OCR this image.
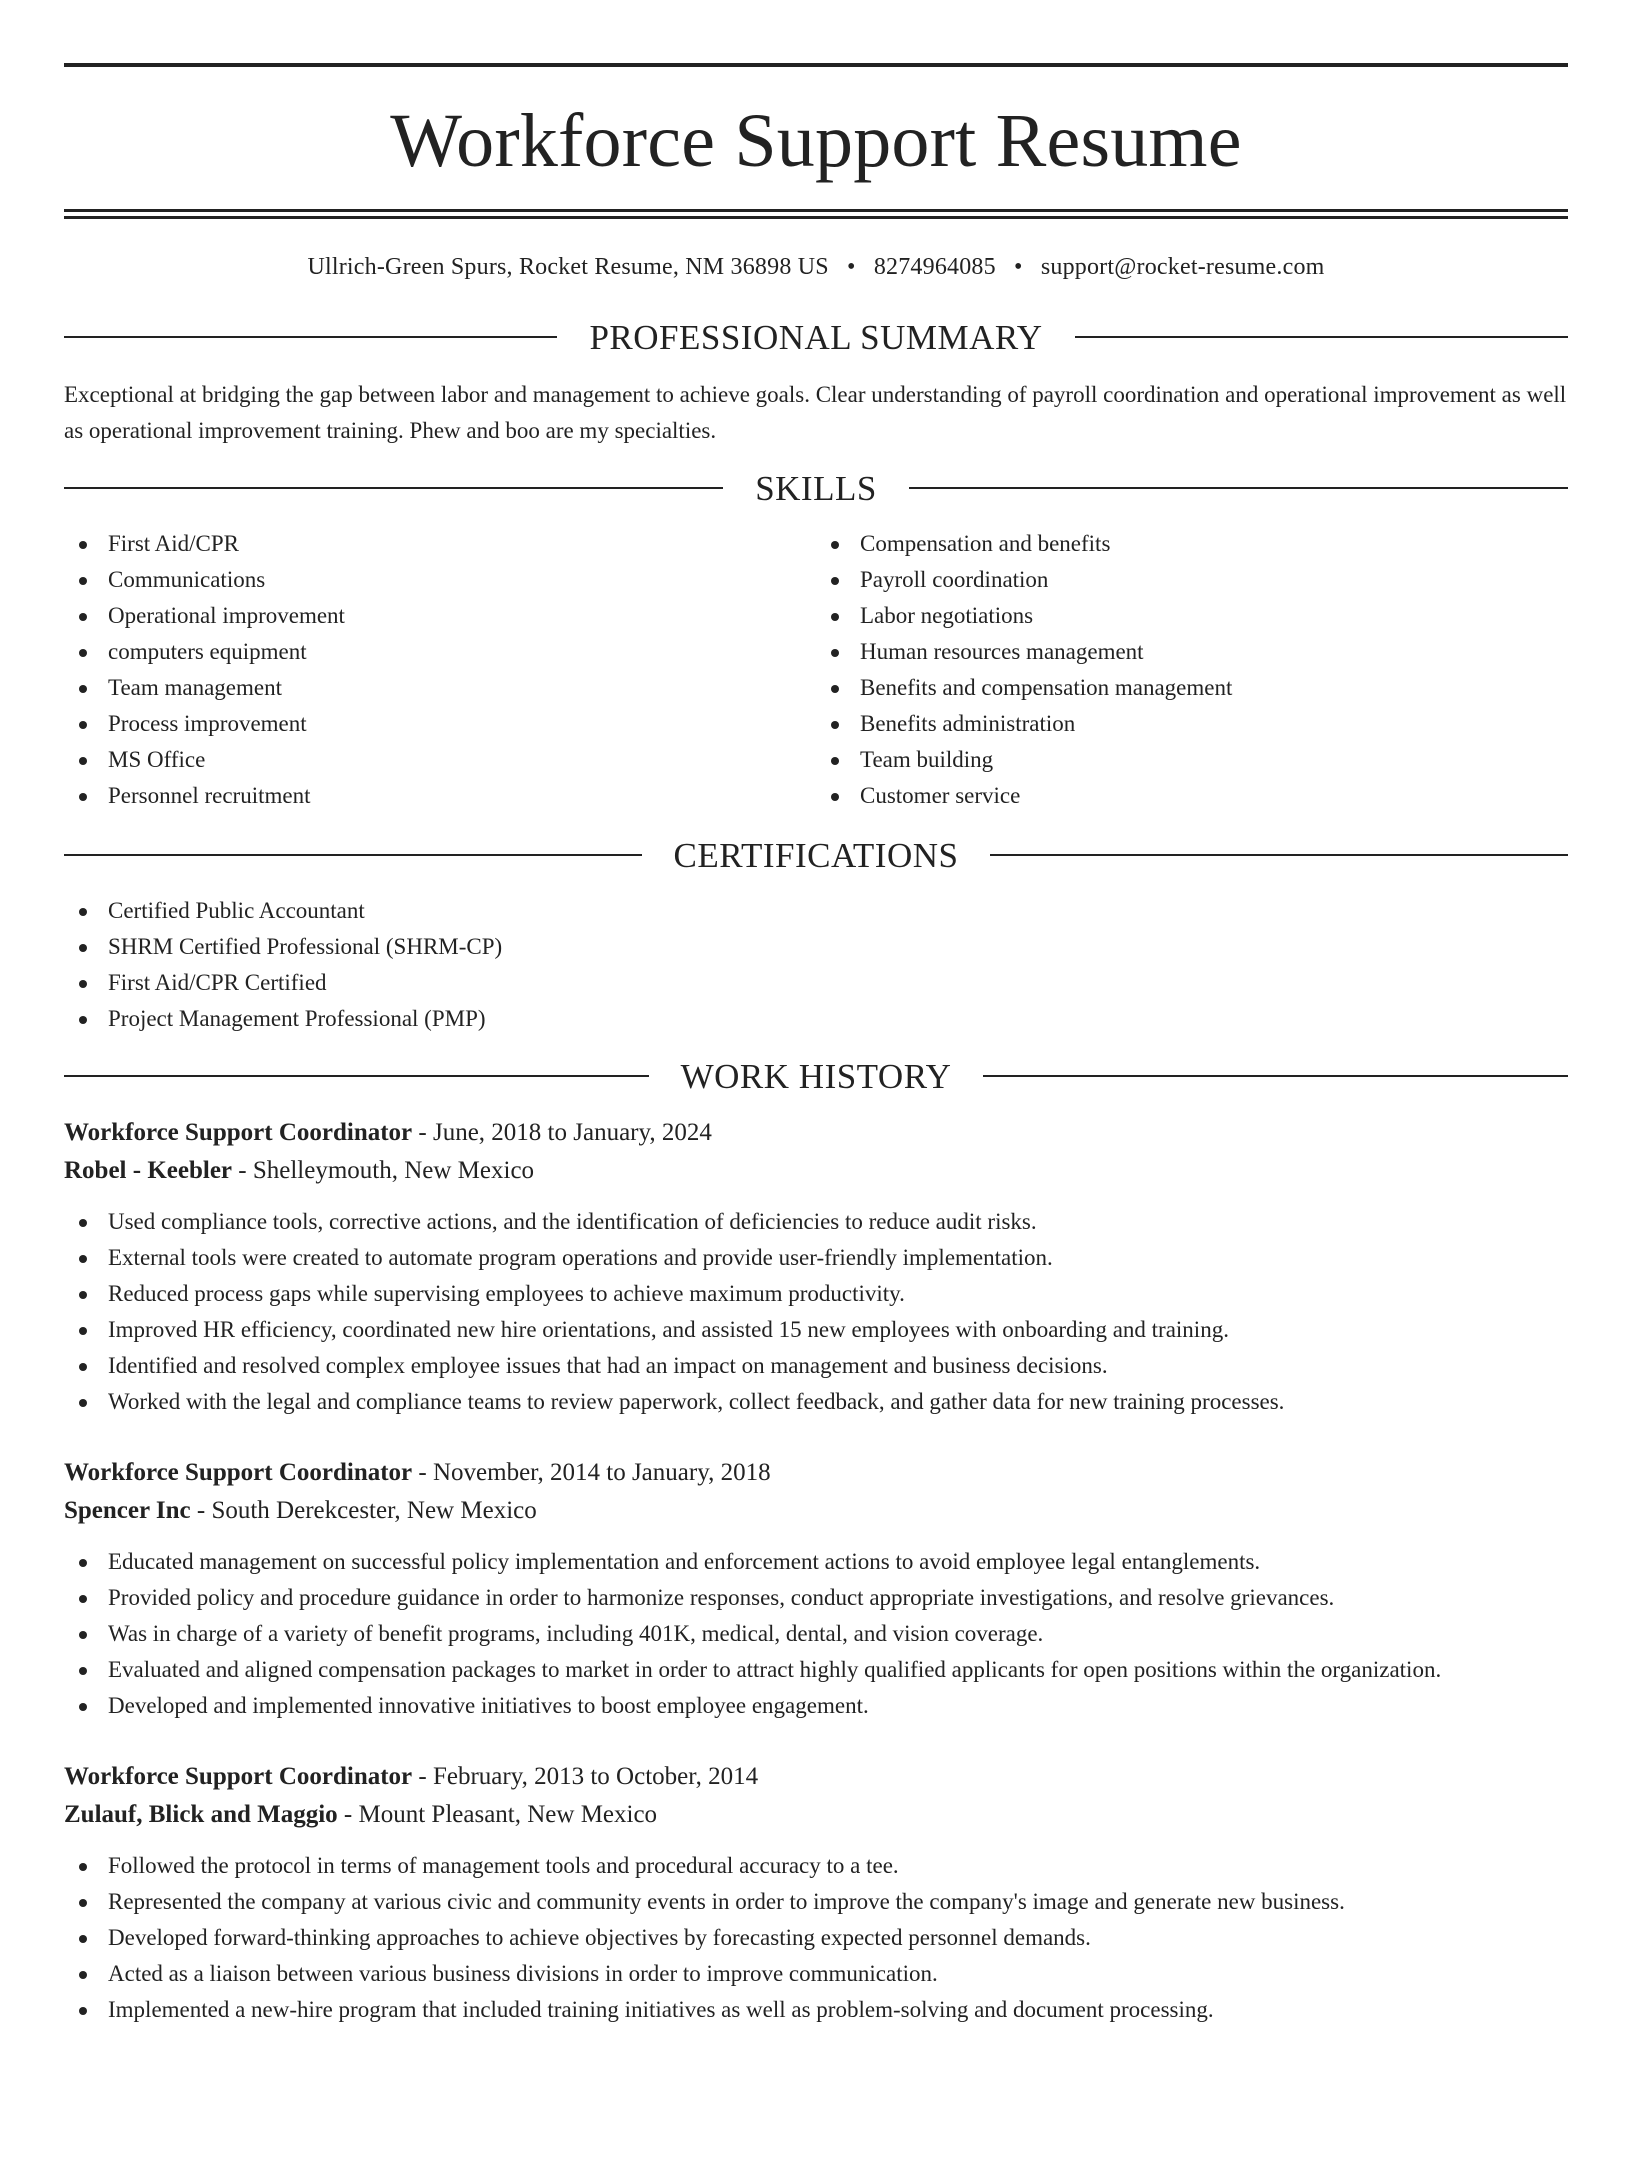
Workforce Support Resume
Ullrich-Green Spurs, Rocket Resume, NM 36898 US • 8274964085 • support@rocket-resume.com
PROFESSIONAL SUMMARY

Exceptional at bridging the gap between labor and management to achieve goals. Clear understanding of payroll coordination and operational improvement as well as operational improvement training. Phew and boo are my specialties.

SKILLS
First Aid/CPR
Communications
Operational improvement
computers equipment
Team management
Process improvement
MS Office
Personnel recruitment
Compensation and benefits
Payroll coordination
Labor negotiations
Human resources management
Benefits and compensation management
Benefits administration
Team building
Customer service
CERTIFICATIONS
Certified Public Accountant
SHRM Certified Professional (SHRM-CP)
First Aid/CPR Certified
Project Management Professional (PMP)
WORK HISTORY
Workforce Support Coordinator - June, 2018 to January, 2024
Robel - Keebler - Shelleymouth, New Mexico
Used compliance tools, corrective actions, and the identification of deficiencies to reduce audit risks.
External tools were created to automate program operations and provide user-friendly implementation.
Reduced process gaps while supervising employees to achieve maximum productivity.
Improved HR efficiency, coordinated new hire orientations, and assisted 15 new employees with onboarding and training.
Identified and resolved complex employee issues that had an impact on management and business decisions.
Worked with the legal and compliance teams to review paperwork, collect feedback, and gather data for new training processes.
Workforce Support Coordinator - November, 2014 to January, 2018
Spencer Inc - South Derekcester, New Mexico
Educated management on successful policy implementation and enforcement actions to avoid employee legal entanglements.
Provided policy and procedure guidance in order to harmonize responses, conduct appropriate investigations, and resolve grievances.
Was in charge of a variety of benefit programs, including 401K, medical, dental, and vision coverage.
Evaluated and aligned compensation packages to market in order to attract highly qualified applicants for open positions within the organization.
Developed and implemented innovative initiatives to boost employee engagement.
Workforce Support Coordinator - February, 2013 to October, 2014
Zulauf, Blick and Maggio - Mount Pleasant, New Mexico
Followed the protocol in terms of management tools and procedural accuracy to a tee.
Represented the company at various civic and community events in order to improve the company's image and generate new business.
Developed forward-thinking approaches to achieve objectives by forecasting expected personnel demands.
Acted as a liaison between various business divisions in order to improve communication.
Implemented a new-hire program that included training initiatives as well as problem-solving and document processing.
